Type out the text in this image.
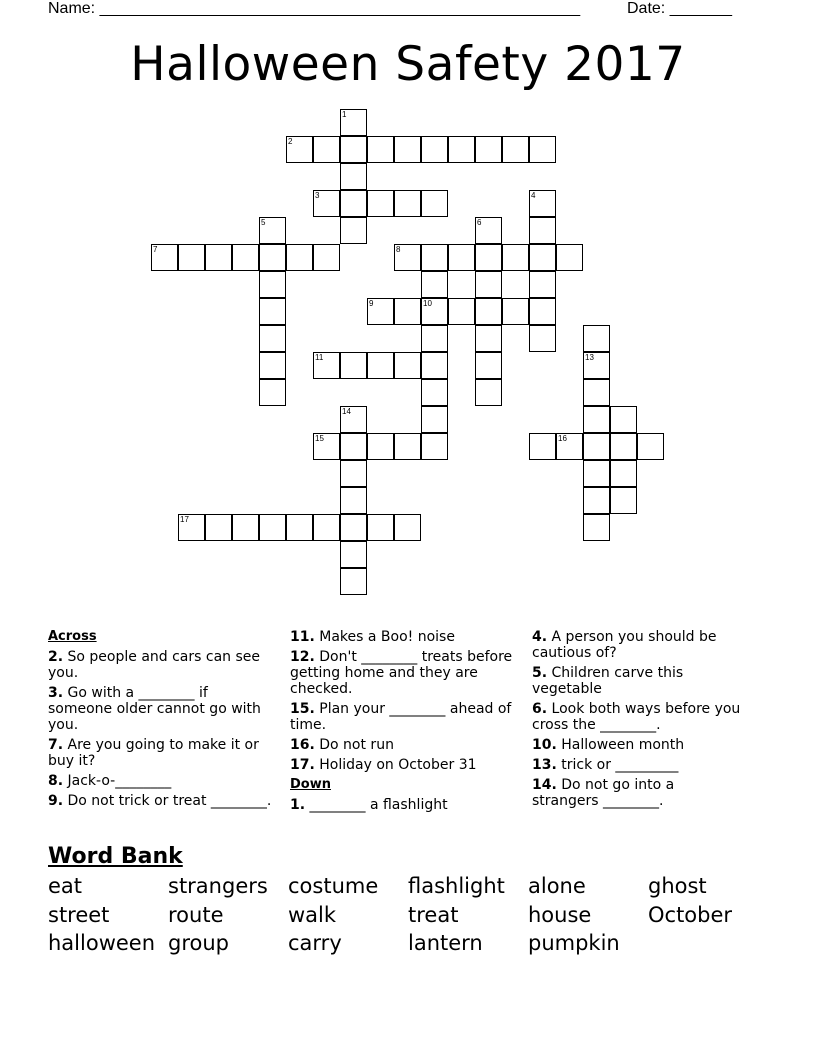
Name: ______________________________________________________	Date: _______
Halloween Safety 2017
2
3
7	8
9	10
11
16
15
17
1
4
5	6
13
14
Across
2. So people and cars can see you.
3. Go with a ________ if someone older cannot go with you.
7. Are you going to make it or buy it?
8. Jack-o-________
9. Do not trick or treat ________.
11. Makes a Boo! noise
12. Don't ________ treats before getting home and they are checked.
15. Plan your ________ ahead of time.
16. Do not run
17. Holiday on October 31
Down
1. ________ a flashlight
4. A person you should be cautious of?
5. Children carve this vegetable
6. Look both ways before you cross the ________.
10. Halloween month
13. trick or _________
14. Do not go into a strangers ________.
Word Bank
eat	strangers costume flashlight alone	ghost
street	route	walk	treat	house	October
halloween group	carry	lantern pumpkin
